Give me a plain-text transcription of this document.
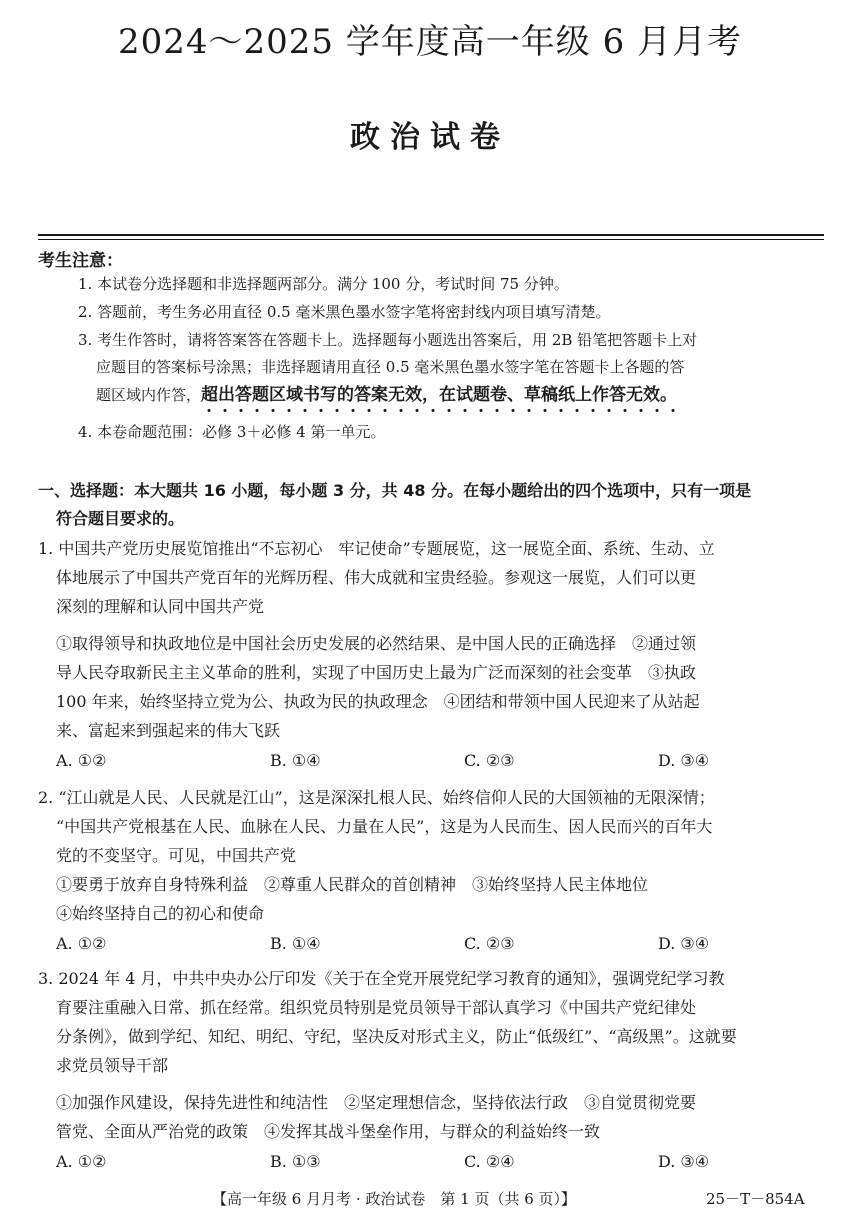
2024～2025 学年度高一年级 6 月月考
政治试卷
考生注意：
1. 本试卷分选择题和非选择题两部分。满分 100 分，考试时间 75 分钟。
2. 答题前，考生务必用直径 0.5 毫米黑色墨水签字笔将密封线内项目填写清楚。
3. 考生作答时，请将答案答在答题卡上。选择题每小题选出答案后，用 2B 铅笔把答题卡上对
应题目的答案标号涂黑；非选择题请用直径 0.5 毫米黑色墨水签字笔在答题卡上各题的答
题区域内作答，超出答题区域书写的答案无效，在试题卷、草稿纸上作答无效。
4. 本卷命题范围：必修 3＋必修 4 第一单元。
一、选择题：本大题共 16 小题，每小题 3 分，共 48 分。在每小题给出的四个选项中，只有一项是
符合题目要求的。
1. 中国共产党历史展览馆推出“不忘初心　牢记使命”专题展览，这一展览全面、系统、生动、立
体地展示了中国共产党百年的光辉历程、伟大成就和宝贵经验。参观这一展览，人们可以更
深刻的理解和认同中国共产党
①取得领导和执政地位是中国社会历史发展的必然结果、是中国人民的正确选择　②通过领
导人民夺取新民主主义革命的胜利，实现了中国历史上最为广泛而深刻的社会变革　③执政
100 年来，始终坚持立党为公、执政为民的执政理念　④团结和带领中国人民迎来了从站起
来、富起来到强起来的伟大飞跃
A. ①②	B. ①④	C. ②③	D. ③④
2. “江山就是人民、人民就是江山”，这是深深扎根人民、始终信仰人民的大国领袖的无限深情；
“中国共产党根基在人民、血脉在人民、力量在人民”，这是为人民而生、因人民而兴的百年大
党的不变坚守。可见，中国共产党
①要勇于放弃自身特殊利益　②尊重人民群众的首创精神　③始终坚持人民主体地位
④始终坚持自己的初心和使命
A. ①②	B. ①④	C. ②③	D. ③④
3. 2024 年 4 月，中共中央办公厅印发《关于在全党开展党纪学习教育的通知》，强调党纪学习教
育要注重融入日常、抓在经常。组织党员特别是党员领导干部认真学习《中国共产党纪律处
分条例》，做到学纪、知纪、明纪、守纪，坚决反对形式主义，防止“低级红”、“高级黑”。这就要
求党员领导干部
①加强作风建设，保持先进性和纯洁性　②坚定理想信念，坚持依法行政　③自觉贯彻党要
管党、全面从严治党的政策　④发挥其战斗堡垒作用，与群众的利益始终一致
A. ①②	B. ①③	C. ②④	D. ③④
【高一年级 6 月月考 · 政治试卷　第 1 页（共 6 页）】	25－T－854A
